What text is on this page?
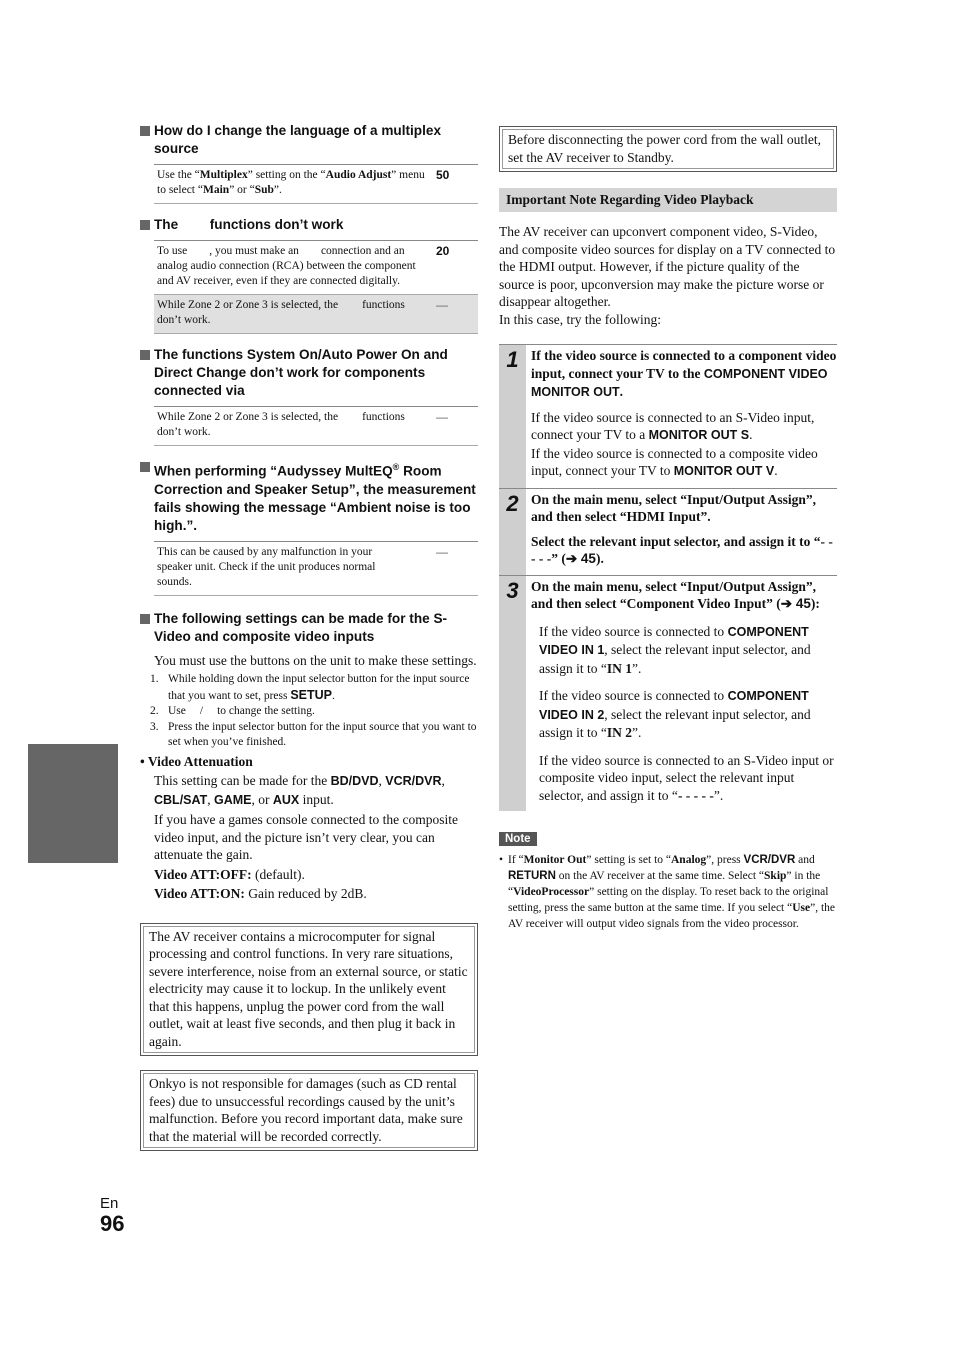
How do I change the language of a multiplex source
Use the “Multiplex” setting on the “Audio Adjust” menu to select “Main” or “Sub”.
50
The functions don’t work
To use , you must make an connection and an analog audio connection (RCA) between the component and AV receiver, even if they are connected digitally.
20
While Zone 2 or Zone 3 is selected, the functions don’t work.
—
The functions System On/Auto Power On and Direct Change don’t work for components connected via
While Zone 2 or Zone 3 is selected, the functions don’t work.
—
When performing “Audyssey MultEQ® Room Correction and Speaker Setup”, the measurement fails showing the message “Ambient noise is too high.”.
This can be caused by any malfunction in your speaker unit. Check if the unit produces normal sounds.
—
The following settings can be made for the S-Video and composite video inputs

You must use the buttons on the unit to make these settings.

1. While holding down the input selector button for the input source that you want to set, press SETUP.
2. Use / to change the setting.
3. Press the input selector button for the input source that you want to set when you’ve finished.

• Video Attenuation

This setting can be made for the BD/DVD, VCR/DVR, CBL/SAT, GAME, or AUX input.

If you have a games console connected to the composite video input, and the picture isn’t very clear, you can attenuate the gain.

Video ATT:OFF: (default).

Video ATT:ON: Gain reduced by 2dB.

The AV receiver contains a microcomputer for signal processing and control functions. In very rare situations, severe interference, noise from an external source, or static electricity may cause it to lockup. In the unlikely event that this happens, unplug the power cord from the wall outlet, wait at least five seconds, and then plug it back in again.
Onkyo is not responsible for damages (such as CD rental fees) due to unsuccessful recordings caused by the unit’s malfunction. Before you record important data, make sure that the material will be recorded correctly.
Before disconnecting the power cord from the wall outlet, set the AV receiver to Standby.
Important Note Regarding Video Playback

The AV receiver can upconvert component video, S-Video, and composite video sources for display on a TV connected to the HDMI output. However, if the picture quality of the source is poor, upconversion may make the picture worse or disappear altogether.

In this case, try the following:

1 If the video source is connected to a component video input, connect your TV to the COMPONENT VIDEO MONITOR OUT.

If the video source is connected to an S-Video input, connect your TV to a MONITOR OUT S.

If the video source is connected to a composite video input, connect your TV to MONITOR OUT V.

2 On the main menu, select “Input/Output Assign”, and then select “HDMI Input”.

Select the relevant input selector, and assign it to “- - - - -” (➔ 45).

3 On the main menu, select “Input/Output Assign”, and then select “Component Video Input” (➔ 45):

If the video source is connected to COMPONENT VIDEO IN 1, select the relevant input selector, and assign it to “IN 1”.

If the video source is connected to COMPONENT VIDEO IN 2, select the relevant input selector, and assign it to “IN 2”.

If the video source is connected to an S-Video input or composite video input, select the relevant input selector, and assign it to “- - - - -”.

Note

• If “Monitor Out” setting is set to “Analog”, press VCR/DVR and RETURN on the AV receiver at the same time. Select “Skip” in the “VideoProcessor” setting on the display. To reset back to the original setting, press the same button at the same time. If you select “Use”, the AV receiver will output video signals from the video processor.

En
96
